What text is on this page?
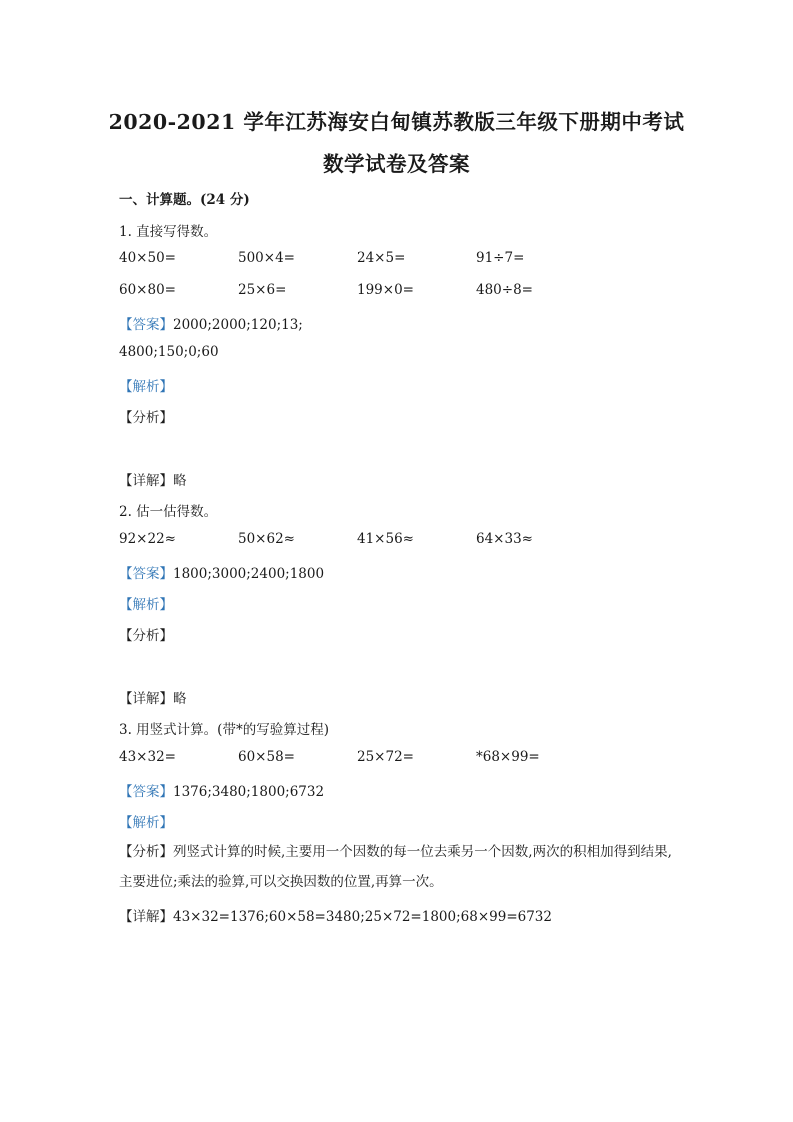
2020-2021 学年江苏海安白甸镇苏教版三年级下册期中考试
数学试卷及答案
一、计算题。(24 分)
1. 直接写得数。
40×50=	500×4=	24×5=	91÷7=
60×80=	25×6=	199×0=	480÷8=
【答案】2000;2000;120;13;
4800;150;0;60
【解析】
【分析】
【详解】略
2. 估一估得数。
92×22≈	50×62≈	41×56≈	64×33≈
【答案】1800;3000;2400;1800
【解析】
【分析】
【详解】略
3. 用竖式计算。(带*的写验算过程)
43×32=	60×58=	25×72=	*68×99=
【答案】1376;3480;1800;6732
【解析】
【分析】列竖式计算的时候,主要用一个因数的每一位去乘另一个因数,两次的积相加得到结果,主要进位;乘法的验算,可以交换因数的位置,再算一次。
【详解】43×32=1376;60×58=3480;25×72=1800;68×99=6732
